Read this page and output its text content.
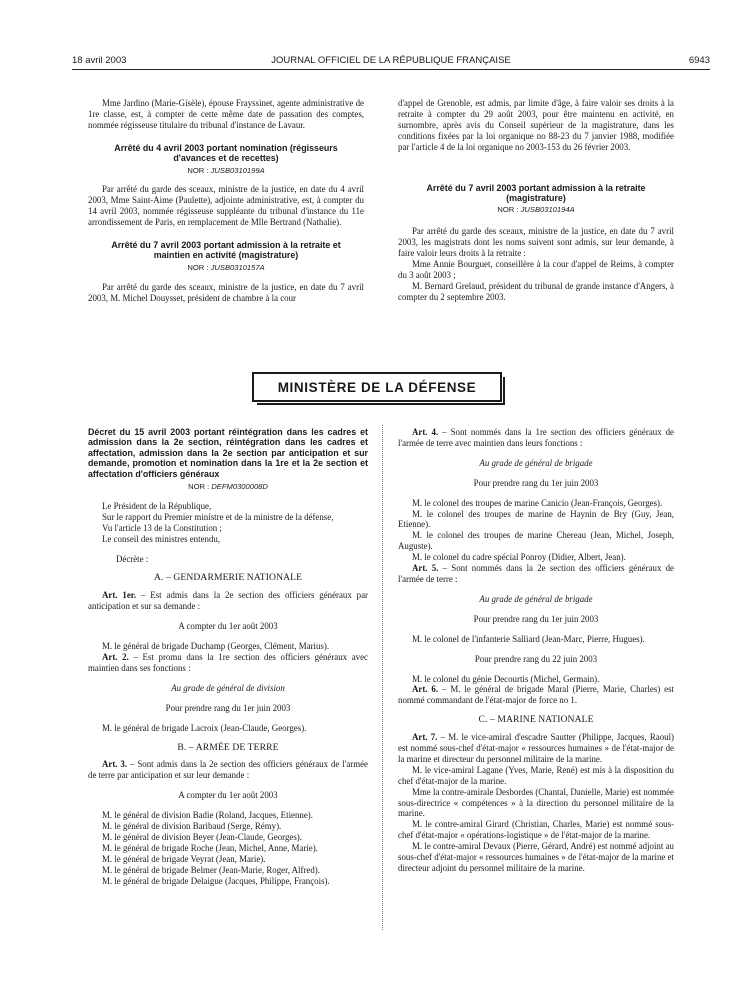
18 avril 2003	JOURNAL OFFICIEL DE LA RÉPUBLIQUE FRANÇAISE	6943

Mme Jardino (Marie-Gisèle), épouse Frayssinet, agente administrative de 1re classe, est, à compter de cette même date de passation des comptes, nommée régisseuse titulaire du tribunal d'instance de Lavaur.

Arrêté du 4 avril 2003 portant nomination (régisseurs d'avances et de recettes)
NOR : JUSB0310199A

Par arrêté du garde des sceaux, ministre de la justice, en date du 4 avril 2003, Mme Saint-Aime (Paulette), adjointe administrative, est, à compter du 14 avril 2003, nommée régisseuse suppléante du tribunal d'instance du 11e arrondissement de Paris, en remplacement de Mlle Bertrand (Nathalie).

Arrêté du 7 avril 2003 portant admission à la retraite et maintien en activité (magistrature)
NOR : JUSB0310157A

Par arrêté du garde des sceaux, ministre de la justice, en date du 7 avril 2003, M. Michel Douysset, président de chambre à la cour

d'appel de Grenoble, est admis, par limite d'âge, à faire valoir ses droits à la retraite à compter du 29 août 2003, pour être maintenu en activité, en surnombre, après avis du Conseil supérieur de la magistrature, dans les conditions fixées par la loi organique no 88-23 du 7 janvier 1988, modifiée par l'article 4 de la loi organique no 2003-153 du 26 février 2003.

Arrêté du 7 avril 2003 portant admission à la retraite (magistrature)
NOR : JUSB0310194A

Par arrêté du garde des sceaux, ministre de la justice, en date du 7 avril 2003, les magistrats dont les noms suivent sont admis, sur leur demande, à faire valoir leurs droits à la retraite :

Mme Annie Bourguet, conseillère à la cour d'appel de Reims, à compter du 3 août 2003 ;

M. Bernard Grelaud, président du tribunal de grande instance d'Angers, à compter du 2 septembre 2003.

MINISTÈRE DE LA DÉFENSE
Décret du 15 avril 2003 portant réintégration dans les cadres et admission dans la 2e section, réintégration dans les cadres et affectation, admission dans la 2e section par anticipation et sur demande, promotion et nomination dans la 1re et la 2e section et affectation d'officiers généraux
NOR : DEFM0300008D

Le Président de la République,

Sur le rapport du Premier ministre et de la ministre de la défense,

Vu l'article 13 de la Constitution ;

Le conseil des ministres entendu,

Décrète :

A. – GENDARMERIE NATIONALE

Art. 1er. – Est admis dans la 2e section des officiers généraux par anticipation et sur sa demande :

A compter du 1er août 2003

M. le général de brigade Duchamp (Georges, Clément, Marius).

Art. 2. – Est promu dans la 1re section des officiers généraux avec maintien dans ses fonctions :

Au grade de général de division

Pour prendre rang du 1er juin 2003

M. le général de brigade Lacroix (Jean-Claude, Georges).

B. – ARMÉE DE TERRE

Art. 3. – Sont admis dans la 2e section des officiers généraux de l'armée de terre par anticipation et sur leur demande :

A compter du 1er août 2003

M. le général de division Badie (Roland, Jacques, Etienne).

M. le général de division Baribaud (Serge, Rémy).

M. le général de division Beyer (Jean-Claude, Georges).

M. le général de brigade Roche (Jean, Michel, Anne, Marie).

M. le général de brigade Veyrat (Jean, Marie).

M. le général de brigade Belmer (Jean-Marie, Roger, Alfred).

M. le général de brigade Delaigue (Jacques, Philippe, François).

Art. 4. – Sont nommés dans la 1re section des officiers généraux de l'armée de terre avec maintien dans leurs fonctions :

Au grade de général de brigade

Pour prendre rang du 1er juin 2003

M. le colonel des troupes de marine Canicio (Jean-François, Georges).

M. le colonel des troupes de marine de Haynin de Bry (Guy, Jean, Etienne).

M. le colonel des troupes de marine Chereau (Jean, Michel, Joseph, Auguste).

M. le colonel du cadre spécial Ponroy (Didier, Albert, Jean).

Art. 5. – Sont nommés dans la 2e section des officiers généraux de l'armée de terre :

Au grade de général de brigade

Pour prendre rang du 1er juin 2003

M. le colonel de l'infanterie Salliard (Jean-Marc, Pierre, Hugues).

Pour prendre rang du 22 juin 2003

M. le colonel du génie Decourtis (Michel, Germain).

Art. 6. – M. le général de brigade Maral (Pierre, Marie, Charles) est nommé commandant de l'état-major de force no 1.

C. – MARINE NATIONALE

Art. 7. – M. le vice-amiral d'escadre Sautter (Philippe, Jacques, Raoul) est nommé sous-chef d'état-major « ressources humaines » de l'état-major de la marine et directeur du personnel militaire de la marine.

M. le vice-amiral Lagane (Yves, Marie, René) est mis à la disposition du chef d'état-major de la marine.

Mme la contre-amirale Desbordes (Chantal, Danielle, Marie) est nommée sous-directrice « compétences » à la direction du personnel militaire de la marine.

M. le contre-amiral Girard (Christian, Charles, Marie) est nommé sous-chef d'état-major « opérations-logistique » de l'état-major de la marine.

M. le contre-amiral Devaux (Pierre, Gérard, André) est nommé adjoint au sous-chef d'état-major « ressources humaines » de l'état-major de la marine et directeur adjoint du personnel militaire de la marine.
